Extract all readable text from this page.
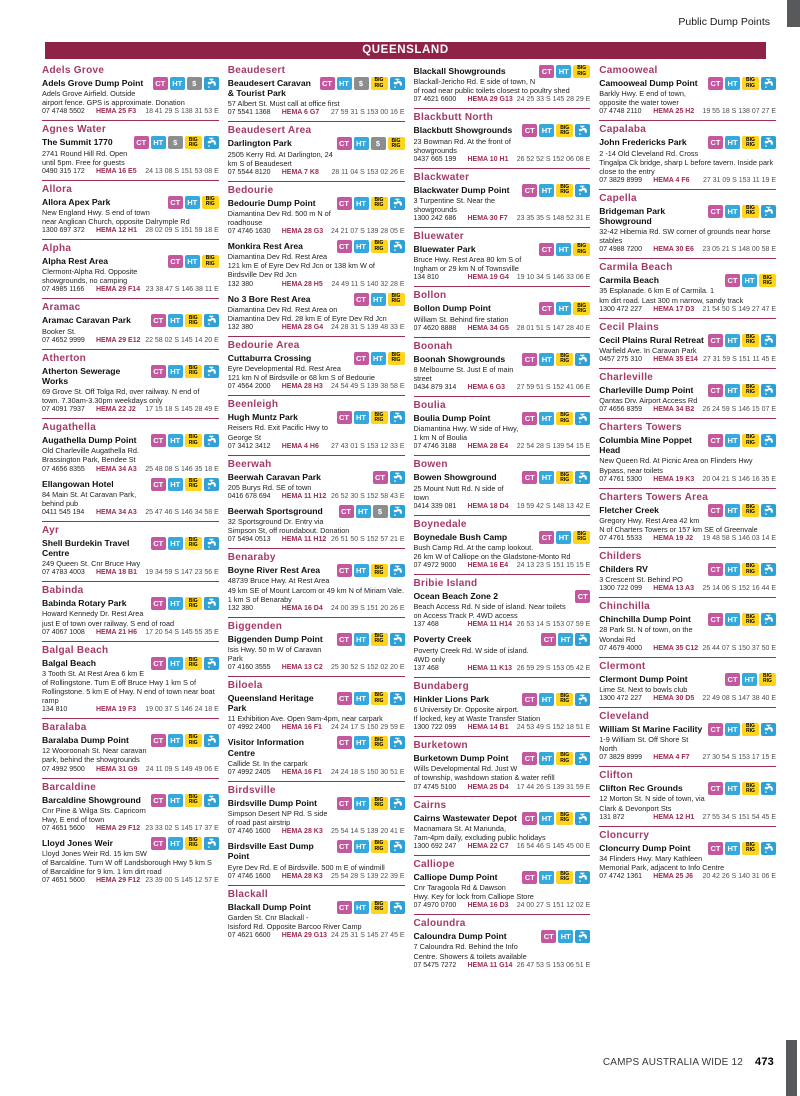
Public Dump Points
QUEENSLAND
Adels Grove
CT HT	$
Adels Grove Dump Point

Adels Grove Airfield. Outside airport fence. GPS is approximate. Donation

07 4748 5502	HEMA 25 F3 18 41 29 S 138 31 53 E
Agnes Water
CT HT	$	BIG RIG
The Summit 1770

2741 Round Hill Rd. Open until 5pm. Free for guests

0490 315 172	HEMA 16 E5 24 13 08 S 151 53 08 E
Allora
CT HT	BIG RIG
Allora Apex Park

New England Hwy. S end of town near Anglican Church, opposite Dalrymple Rd

1300 697 372	HEMA 12 H1 28 02 09 S 151 59 18 E
Alpha
CT HT	BIG RIG
Alpha Rest Area

Clermont-Alpha Rd. Opposite showgrounds, no camping

07 4985 1166	HEMA 29 F14 23 38 47 S 146 38 11 E
Aramac
CT HT	BIG RIG
Aramac Caravan Park

Booker St.

07 4652 9999	HEMA 29 E12 22 58 02 S 145 14 20 E
Atherton
CT HT	BIG RIG
Atherton Sewerage Works

69 Grove St. Off Tolga Rd, over railway. N end of town. 7.30am-3.30pm weekdays only

07 4091 7937	HEMA 22 J2 17 15 18 S 145 28 49 E
Augathella
CT HT	BIG RIG
Augathella Dump Point

Old Charleville Augathella Rd. Brassington Park, Bendee St

07 4656 8355	HEMA 34 A3 25 48 08 S 146 35 18 E
CT HT	BIG RIG
Ellangowan Hotel

84 Main St. At Caravan Park, behind pub

0411 545 194	HEMA 34 A3 25 47 46 S 146 34 58 E
Ayr
CT HT	BIG RIG
Shell Burdekin Travel Centre

249 Queen St. Cnr Bruce Hwy

07 4783 4003	HEMA 18 B1 19 34 59 S 147 23 56 E
Babinda
CT HT	BIG RIG
Babinda Rotary Park

Howard Kennedy Dr. Rest Area just E of town over railway. S end of road

07 4067 1008	HEMA 21 H6 17 20 54 S 145 55 35 E
Balgal Beach
CT HT	BIG RIG
Balgal Beach

3 Tooth St. At Rest Area 6 km E of Rollingstone. Turn E off Bruce Hwy 1 km S of Rollingstone. 5 km E of Hwy. N end of town near boat ramp

134 810	HEMA 19 F3 19 00 37 S 146 24 18 E
Baralaba
CT HT	BIG RIG
Baralaba Dump Point

12 Wooroonah St. Near caravan park, behind the showgrounds

07 4992 9500	HEMA 31 G9 24 11 09 S 149 49 06 E
Barcaldine
CT HT	BIG RIG
Barcaldine Showground

Cnr Pine & Wilga Sts. Capricorn Hwy, E end of town

07 4651 5600	HEMA 29 F12 23 33 02 S 145 17 37 E
CT HT	BIG RIG
Lloyd Jones Weir

Lloyd Jones Weir Rd. 15 km SW of Barcaldine. Turn W off Landsborough Hwy 5 km S of Barcaldine for 9 km. 1 km dirt road

07 4651 5600	HEMA 29 F12 23 39 00 S 145 12 57 E
Beaudesert
CT HT	$	BIG RIG
Beaudesert Caravan & Tourist Park

57 Albert St. Must call at office first

07 5541 1368	HEMA 6 G7 27 59 31 S 153 00 16 E
Beaudesert Area
CT HT	$	BIG RIG
Darlington Park

2505 Kerry Rd. At Darlington, 24 km S of Beaudesert

07 5544 8120	HEMA 7 K8 28 11 04 S 153 02 26 E
Bedourie
CT HT	BIG RIG
Bedourie Dump Point

Diamantina Dev Rd. 500 m N of roadhouse

07 4746 1630	HEMA 28 G3 24 21 07 S 139 28 05 E
CT HT	BIG RIG
Monkira Rest Area

Diamantina Dev Rd. Rest Area 121 km E of Eyre Dev Rd Jcn or 138 km W of Birdsville Dev Rd Jcn

132 380	HEMA 28 H5 24 49 11 S 140 32 28 E
CT HT	BIG RIG
No 3 Bore Rest Area

Diamantina Dev Rd. Rest Area on Diamantina Dev Rd. 28 km E of Eyre Dev Rd Jcn

132 380	HEMA 28 G4 24 28 31 S 139 48 33 E
Bedourie Area
CT HT	BIG RIG
Cuttaburra Crossing

Eyre Developmental Rd. Rest Area 121 km N of Birdsville or 68 km S of Bedourie

07 4564 2000	HEMA 28 H3 24 54 49 S 139 38 58 E
Beenleigh
CT HT	BIG RIG
Hugh Muntz Park

Reisers Rd. Exit Pacific Hwy to George St

07 3412 3412	HEMA 4 H6 27 43 01 S 153 12 33 E
Beerwah
CT
Beerwah Caravan Park

205 Burys Rd. SE of town

0416 678 694	HEMA 11 H12 26 52 30 S 152 58 43 E
CT HT	$
Beerwah Sportsground

32 Sportsground Dr. Entry via Simpson St, off roundabout. Donation

07 5494 0513	HEMA 11 H12 26 51 50 S 152 57 21 E
Benaraby
CT HT	BIG RIG
Boyne River Rest Area

48739 Bruce Hwy. At Rest Area 49 km SE of Mount Larcom or 49 km N of Miriam Vale. 1 km S of Benaraby

132 380	HEMA 16 D4 24 00 39 S 151 20 26 E
Biggenden
CT HT	BIG RIG
Biggenden Dump Point

Isis Hwy. 50 m W of Caravan Park

07 4160 3555	HEMA 13 C2 25 30 52 S 152 02 20 E
Biloela
CT HT	BIG RIG
Queensland Heritage Park

11 Exhibition Ave. Open 9am-4pm, near carpark

07 4992 2400	HEMA 16 F1 24 24 17 S 150 29 59 E
CT HT	BIG RIG
Visitor Information Centre

Callide St. In the carpark

07 4992 2405	HEMA 16 F1 24 24 18 S 150 30 51 E
Birdsville
CT HT	BIG RIG
Birdsville Dump Point

Simpson Desert NP Rd. S side of road past airstrip

07 4746 1600	HEMA 28 K3 25 54 14 S 139 20 41 E
CT HT	BIG RIG
Birdsville East Dump Point

Eyre Dev Rd. E of Birdsville. 500 m E of windmill

07 4746 1600	HEMA 28 K3 25 54 28 S 139 22 39 E
Blackall
CT HT	BIG RIG
Blackall Dump Point

Garden St. Cnr Blackall - Isisford Rd. Opposite Barcoo River Camp

07 4621 6600	HEMA 29 G13 24 25 31 S 145 27 45 E
CT HT	BIG RIG
Blackall Showgrounds

Blackall-Jericho Rd. E side of town, N of road near public toilets closest to poultry shed

07 4621 6600	HEMA 29 G13 24 25 33 S 145 28 29 E
Blackbutt North
CT HT	BIG RIG
Blackbutt Showgrounds

23 Bowman Rd. At the front of showgrounds

0437 665 199	HEMA 10 H1 26 52 52 S 152 06 08 E
Blackwater
CT HT	BIG RIG
Blackwater Dump Point

3 Turpentine St. Near the showgrounds

1300 242 686	HEMA 30 F7 23 35 35 S 148 52 31 E
Bluewater
CT HT	BIG RIG
Bluewater Park

Bruce Hwy. Rest Area 80 km S of Ingham or 29 km N of Townsville

134 810	HEMA 19 G4 19 10 34 S 146 33 06 E
Bollon
CT HT	BIG RIG
Bollon Dump Point

William St. Behind fire station

07 4620 8888	HEMA 34 G5 28 01 51 S 147 28 40 E
Boonah
CT HT	BIG RIG
Boonah Showgrounds

8 Melbourne St. Just E of main street

0434 879 314	HEMA 6 G3 27 59 51 S 152 41 06 E
Boulia
CT HT	BIG RIG
Boulia Dump Point

Diamantina Hwy. W side of Hwy, 1 km N of Boulia

07 4746 3188	HEMA 28 E4 22 54 28 S 139 54 15 E
Bowen
CT HT	BIG RIG
Bowen Showground

25 Mount Nutt Rd. N side of town

0414 339 081	HEMA 18 D4 19 59 42 S 148 13 42 E
Boynedale
CT HT	BIG RIG
Boynedale Bush Camp

Bush Camp Rd. At the camp lookout. 26 km W of Calliope on the Gladstone-Monto Rd

07 4972 9000	HEMA 16 E4 24 13 23 S 151 15 15 E
Bribie Island
CT
Ocean Beach Zone 2

Beach Access Rd. N side of island. Near toilets on Access Track P. 4WD access

137 468	HEMA 11 H14 26 53 14 S 153 07 59 E
CT HT
Poverty Creek

Poverty Creek Rd. W side of island. 4WD only

137 468	HEMA 11 K13 26 59 29 S 153 05 42 E
Bundaberg
CT HT	BIG RIG
Hinkler Lions Park

6 University Dr. Opposite airport. If locked, key at Waste Transfer Station

1300 722 099	HEMA 14 B1 24 53 49 S 152 18 51 E
Burketown
CT HT	BIG RIG
Burketown Dump Point

Wills Developmental Rd. Just W of township, washdown station & water refill

07 4745 5100	HEMA 25 D4 17 44 26 S 139 31 59 E
Cairns
CT HT	BIG RIG
Cairns Wastewater Depot

Macnamara St. At Manunda, 7am-4pm daily, excluding public holidays

1300 692 247	HEMA 22 C7 16 54 46 S 145 45 00 E
Calliope
CT HT	BIG RIG
Calliope Dump Point

Cnr Taragoola Rd & Dawson Hwy. Key for lock from Calliope Store

07 4970 0700	HEMA 16 D3 24 00 27 S 151 12 02 E
Caloundra
CT HT
Caloundra Dump Point

7 Caloundra Rd. Behind the Info Centre. Showers & toilets available

07 5475 7272	HEMA 11 G14 26 47 53 S 153 06 51 E
Camooweal
CT HT	BIG RIG
Camooweal Dump Point

Barkly Hwy. E end of town, opposite the water tower

07 4748 2110	HEMA 25 H2 19 55 18 S 138 07 27 E
Capalaba
CT HT	BIG RIG
John Fredericks Park

2 -14 Old Cleveland Rd. Cross Tingalpa Ck bridge, sharp L before tavern. Inside park close to the entry

07 3829 8999	HEMA 4 F6 27 31 09 S 153 11 19 E
Capella
CT HT	BIG RIG
Bridgeman Park Showground

32-42 Hibernia Rd. SW corner of grounds near horse stables

07 4988 7200	HEMA 30 E6 23 05 21 S 148 00 58 E
Carmila Beach
CT HT	BIG RIG
Carmila Beach

35 Esplanade. 6 km E of Carmila. 1 km dirt road. Last 300 m narrow, sandy track

1300 472 227	HEMA 17 D3 21 54 50 S 149 27 47 E
Cecil Plains
CT HT	BIG RIG
Cecil Plains Rural Retreat

Warfield Ave. In Caravan Park

0457 275 310	HEMA 35 E14 27 31 59 S 151 11 45 E
Charleville
CT HT	BIG RIG
Charleville Dump Point

Qantas Drv. Airport Access Rd

07 4656 8359	HEMA 34 B2 26 24 59 S 146 15 07 E
Charters Towers
CT HT	BIG RIG
Columbia Mine Poppet Head

New Queen Rd. At Picnic Area on Flinders Hwy Bypass, near toilets

07 4761 5300	HEMA 19 K3 20 04 21 S 146 16 35 E
Charters Towers Area
CT HT	BIG RIG
Fletcher Creek

Gregory Hwy. Rest Area 42 km N of Charters Towers or 157 km SE of Greenvale

07 4761 5533	HEMA 19 J2 19 48 58 S 146 03 14 E
Childers
CT HT	BIG RIG
Childers RV

3 Crescent St. Behind PO

1300 722 099	HEMA 13 A3 25 14 06 S 152 16 44 E
Chinchilla
CT HT	BIG RIG
Chinchilla Dump Point

28 Park St. N of town, on the Wondai Rd

07 4679 4000	HEMA 35 C12 26 44 07 S 150 37 50 E
Clermont
CT HT	BIG RIG
Clermont Dump Point

Lime St. Next to bowls club

1300 472 227	HEMA 30 D5 22 49 08 S 147 38 40 E
Cleveland
CT HT	BIG RIG
William St Marine Facility

1-9 William St. Off Shore St North

07 3829 8999	HEMA 4 F7 27 30 54 S 153 17 15 E
Clifton
CT HT	BIG RIG
Clifton Rec Grounds

12 Morton St. N side of town, via Clark & Devonport Sts

131 872	HEMA 12 H1 27 55 34 S 151 54 45 E
Cloncurry
CT HT	BIG RIG
Cloncurry Dump Point

34 Flinders Hwy. Mary Kathleen Memorial Park, adjacent to Info Centre

07 4742 1361	HEMA 25 J6 20 42 26 S 140 31 06 E
CAMPS AUSTRALIA WIDE 12 473
